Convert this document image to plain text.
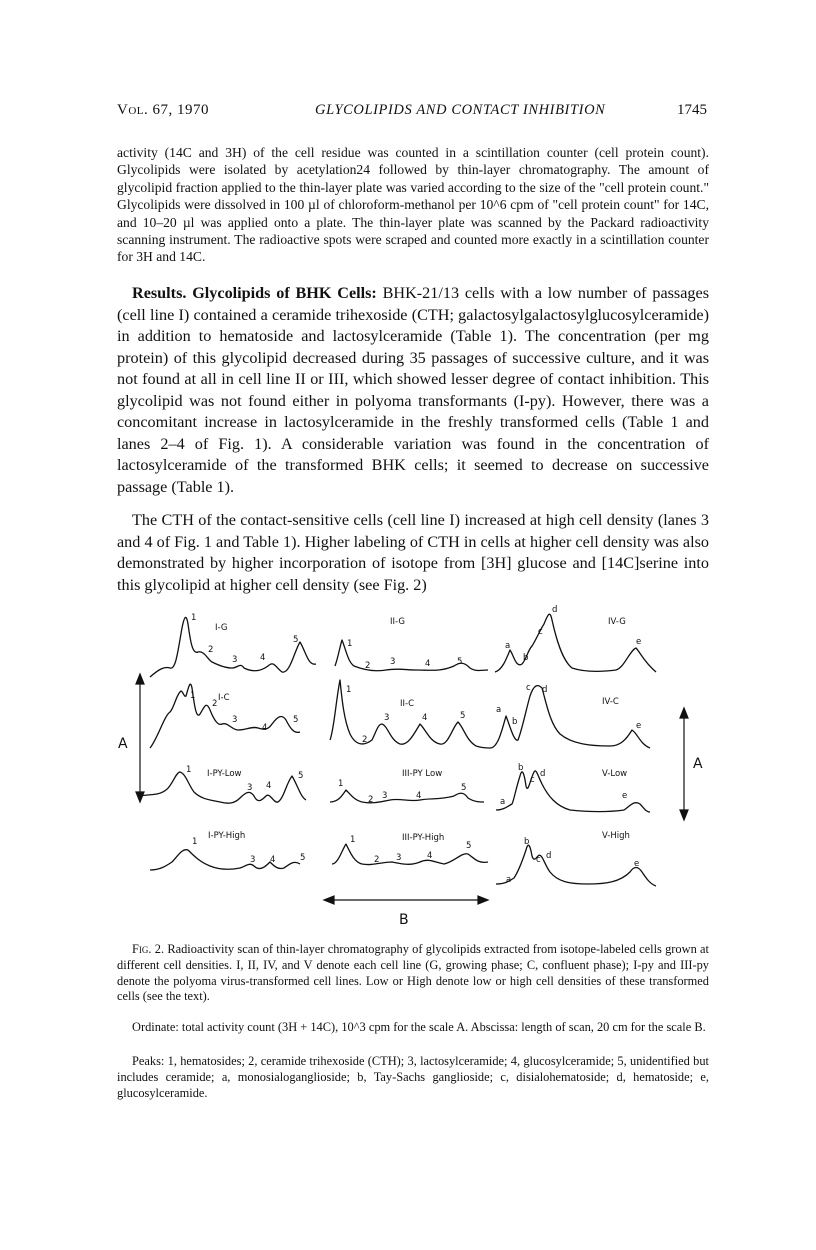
Vol. 67, 1970	GLYCOLIPIDS AND CONTACT INHIBITION	1745

activity (14C and 3H) of the cell residue was counted in a scintillation counter (cell protein count). Glycolipids were isolated by acetylation24 followed by thin-layer chromatography. The amount of glycolipid fraction applied to the thin-layer plate was varied according to the size of the "cell protein count." Glycolipids were dissolved in 100 µl of chloroform-methanol per 10^6 cpm of "cell protein count" for 14C, and 10–20 µl was applied onto a plate. The thin-layer plate was scanned by the Packard radioactivity scanning instrument. The radioactive spots were scraped and counted more exactly in a scintillation counter for 3H and 14C.

Results. Glycolipids of BHK Cells: BHK-21/13 cells with a low number of passages (cell line I) contained a ceramide trihexoside (CTH; galactosylgalactosylglucosylceramide) in addition to hematoside and lactosylceramide (Table 1). The concentration (per mg protein) of this glycolipid decreased during 35 passages of successive culture, and it was not found at all in cell line II or III, which showed lesser degree of contact inhibition. This glycolipid was not found either in polyoma transformants (I-py). However, there was a concomitant increase in lactosylceramide in the freshly transformed cells (Table 1 and lanes 2–4 of Fig. 1). A considerable variation was found in the concentration of lactosylceramide of the transformed BHK cells; it seemed to decrease on successive passage (Table 1).

The CTH of the contact-sensitive cells (cell line I) increased at high cell density (lanes 3 and 4 of Fig. 1 and Table 1). Higher labeling of CTH in cells at higher cell density was also demonstrated by higher incorporation of isotope from [3H] glucose and [14C]serine into this glycolipid at higher cell density (see Fig. 2)

I-G
1
2
3	4
5
I-C
1
2
3
4
5
I-PY-Low
1
3 4
5
I-PY-High
1
3 4	5
II-G
1
2 3	4	5
II-C
1
2
3	4	5
III-PY Low
1
2 3	4
5
III-PY-High
1
2 3	4
5
IV-G
a
b
c
d
e
IV-C
a
b
c d
e
V-Low
a
b
c
d
e
V-High
a
b
c d
e
A
A
B

Fig. 2. Radioactivity scan of thin-layer chromatography of glycolipids extracted from isotope-labeled cells grown at different cell densities. I, II, IV, and V denote each cell line (G, growing phase; C, confluent phase); I-py and III-py denote the polyoma virus-transformed cell lines. Low or High denote low or high cell densities of these transformed cells (see the text).

Ordinate: total activity count (3H + 14C), 10^3 cpm for the scale A. Abscissa: length of scan, 20 cm for the scale B.

Peaks: 1, hematosides; 2, ceramide trihexoside (CTH); 3, lactosylceramide; 4, glucosylceramide; 5, unidentified but includes ceramide; a, monosialoganglioside; b, Tay-Sachs ganglioside; c, disialohematoside; d, hematoside; e, glucosylceramide.
